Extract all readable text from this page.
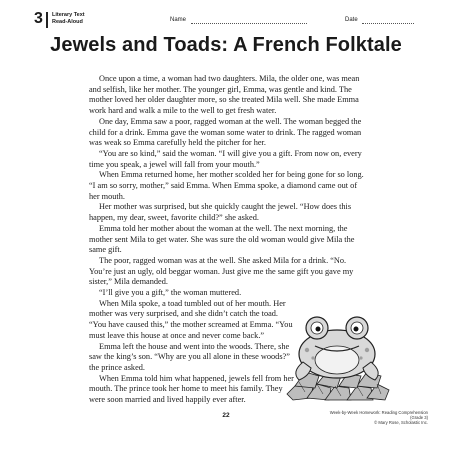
3 Literary Text
Read-Aloud	Name	Date
Jewels and Toads: A French Folktale

Once upon a time, a woman had two daughters. Mila, the older one, was mean and selfish, like her mother. The younger girl, Emma, was gentle and kind. The mother loved her older daughter more, so she treated Mila well. She made Emma work hard and walk a mile to the well to get fresh water.

One day, Emma saw a poor, ragged woman at the well. The woman begged the child for a drink. Emma gave the woman some water to drink. The ragged woman was weak so Emma carefully held the pitcher for her.

“You are so kind,” said the woman. “I will give you a gift. From now on, every time you speak, a jewel will fall from your mouth.”

When Emma returned home, her mother scolded her for being gone for so long. “I am so sorry, mother,” said Emma. When Emma spoke, a diamond came out of her mouth.

Her mother was surprised, but she quickly caught the jewel. “How does this happen, my dear, sweet, favorite child?” she asked.

Emma told her mother about the woman at the well. The next morning, the mother sent Mila to get water. She was sure the old woman would give Mila the same gift.

The poor, ragged woman was at the well. She asked Mila for a drink. “No. You’re just an ugly, old beggar woman. Just give me the same gift you gave my sister,” Mila demanded.

“I’ll give you a gift,” the woman muttered.

When Mila spoke, a toad tumbled out of her mouth. Her mother was very surprised, and she didn’t catch the toad. “You have caused this,” the mother screamed at Emma. “You must leave this house at once and never come back.”

Emma left the house and went into the woods. There, she saw the king’s son. “Why are you all alone in these woods?” the prince asked.

When Emma told him what happened, jewels fell from her mouth. The prince took her home to meet his family. They were soon married and lived happily ever after.

22	Week-by-Week Homework: Reading Comprehension (Grade 3)
© Mary Rose, Scholastic Inc.
